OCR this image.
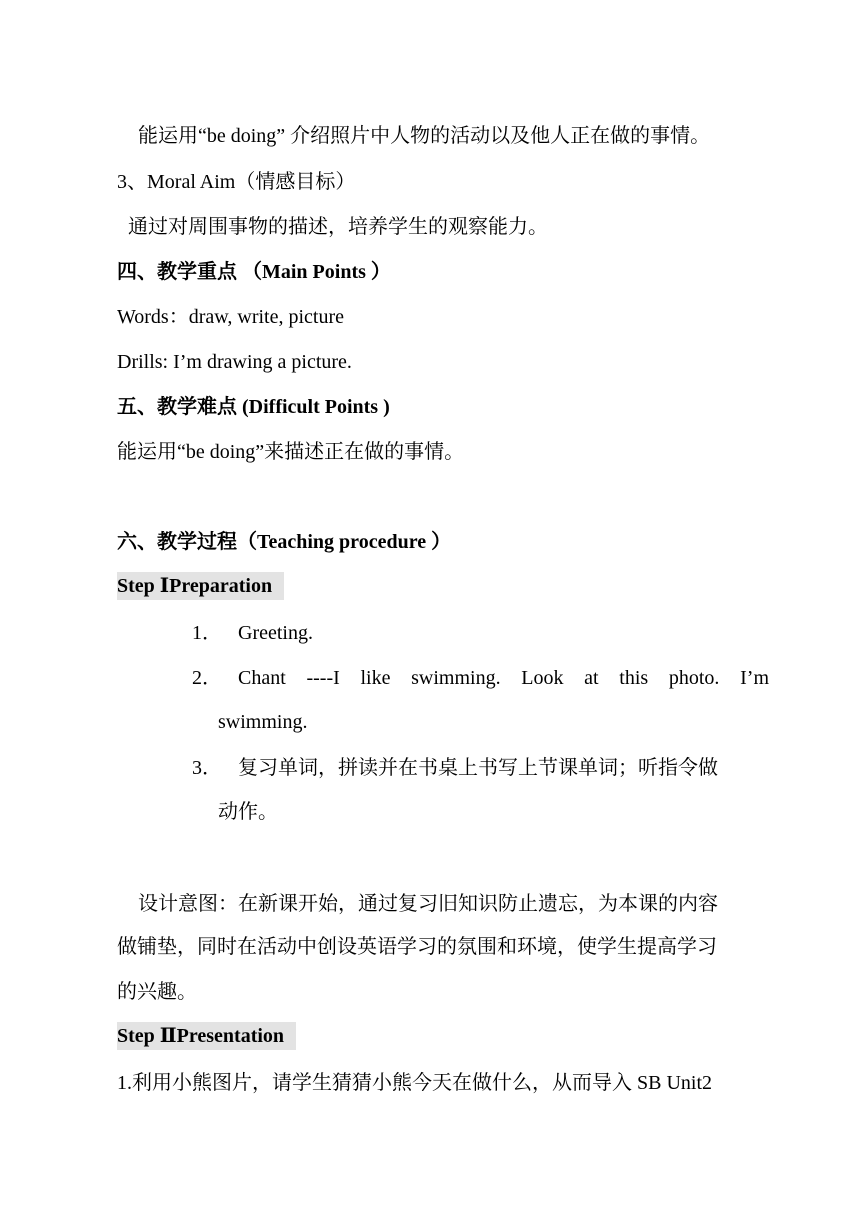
能运用“be doing” 介绍照片中人物的活动以及他人正在做的事情。
3、Moral Aim（情感目标）
通过对周围事物的描述，培养学生的观察能力。
四、教学重点 （Main Points ）
Words：draw, write, picture
Drills: I’m drawing a picture.
五、教学难点 (Difficult Points )
能运用“be doing”来描述正在做的事情。
六、教学过程（Teaching procedure ）
Step ⅠPreparation
1． Greeting.
2． Chant ----I like swimming. Look at this photo. I’m
swimming.
3． 复习单词，拼读并在书桌上书写上节课单词；听指令做
动作。
设计意图：在新课开始，通过复习旧知识防止遗忘，为本课的内容
做铺垫，同时在活动中创设英语学习的氛围和环境，使学生提高学习
的兴趣。
Step ⅡPresentation
1.利用小熊图片，请学生猜猜小熊今天在做什么，从而导入 SB Unit2
